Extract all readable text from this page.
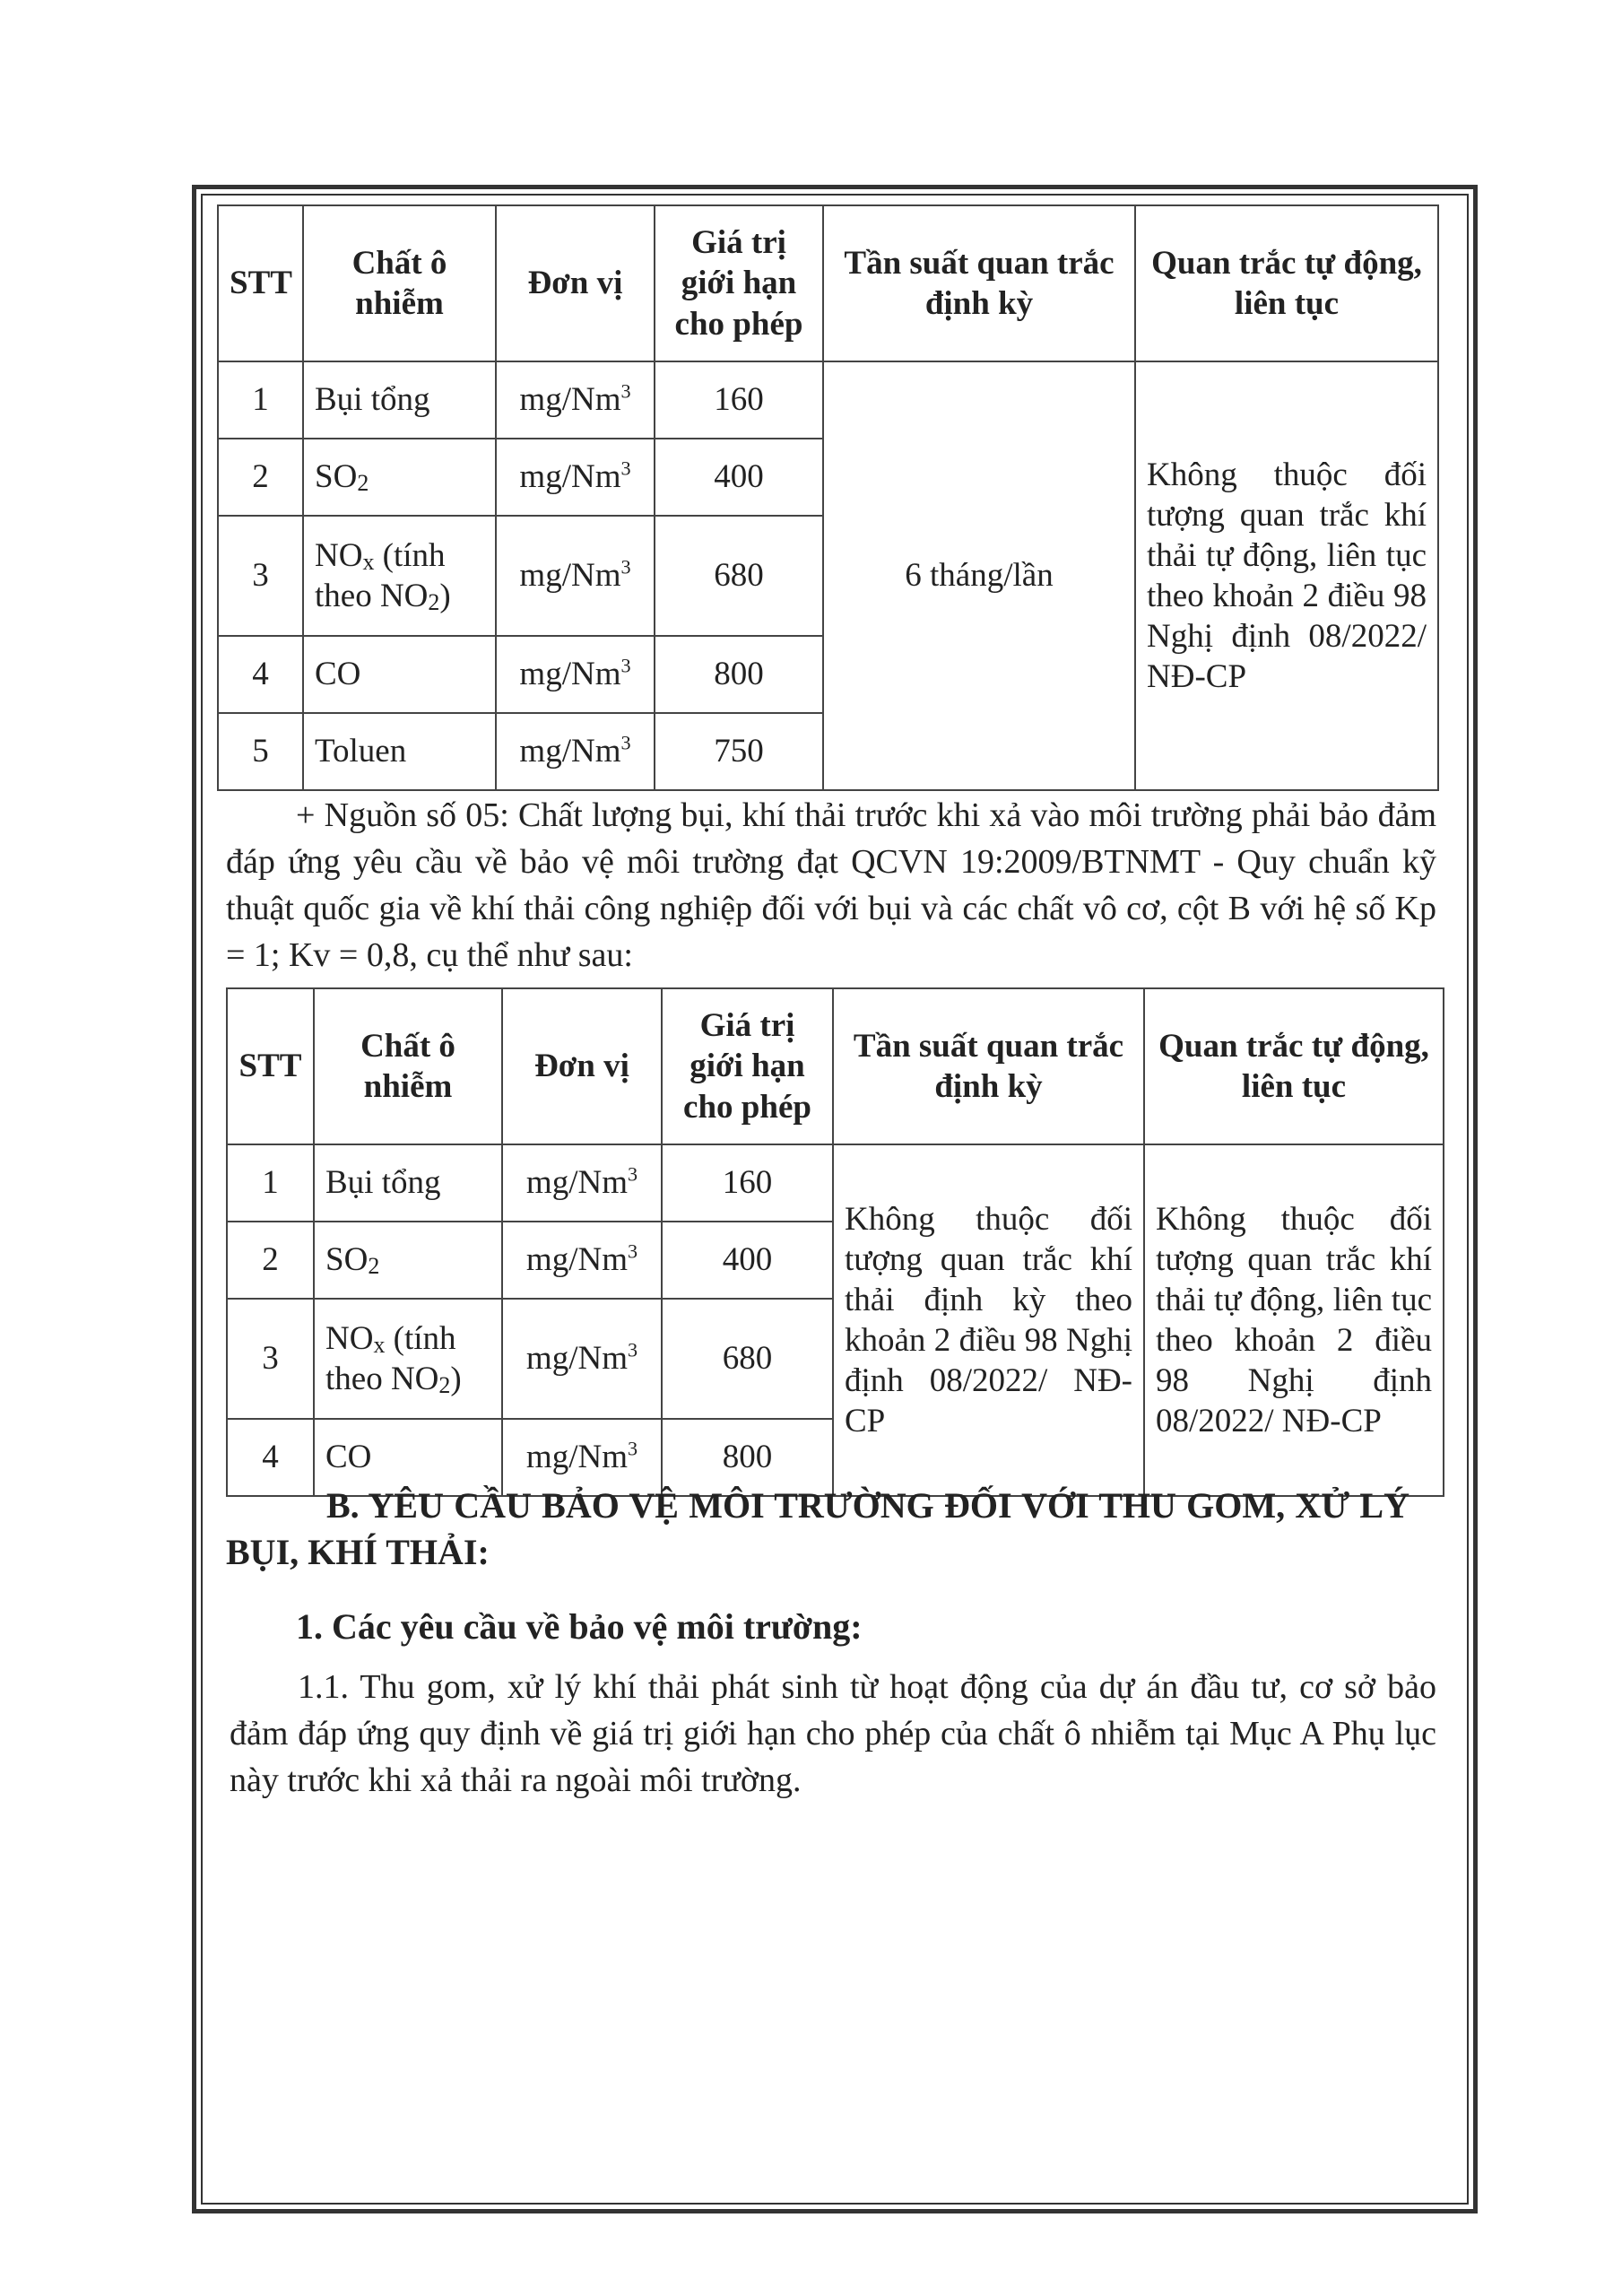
STT	Chất ô nhiễm	Đơn vị	Giá trị giới hạn cho phép	Tần suất quan trắc định kỳ	Quan trắc tự động, liên tục
1	Bụi tổng	mg/Nm$^3$	160	6 tháng/lần	Không thuộc đối tượng quan trắc khí thải tự động, liên tục theo khoản 2 điều 98 Nghị định 08/2022/ NĐ-CP
2	$SO_2$	mg/Nm$^3$	400		
3	$NO_x$ (tính theo $NO_2$)	mg/Nm$^3$	680		
4	CO	mg/Nm$^3$	800		
5	Toluen	mg/Nm$^3$	750		

+ Nguồn số 05: Chất lượng bụi, khí thải trước khi xả vào môi trường phải bảo đảm đáp ứng yêu cầu về bảo vệ môi trường đạt QCVN 19:2009/BTNMT - Quy chuẩn kỹ thuật quốc gia về khí thải công nghiệp đối với bụi và các chất vô cơ, cột B với hệ số Kp = 1; Kv = 0,8, cụ thể như sau:

STT	Chất ô nhiễm	Đơn vị	Giá trị giới hạn cho phép	Tần suất quan trắc định kỳ	Quan trắc tự động, liên tục
1	Bụi tổng	mg/Nm$^3$	160	Không thuộc đối tượng quan trắc khí thải định kỳ theo khoản 2 điều 98 Nghị định 08/2022/ NĐ-CP	Không thuộc đối tượng quan trắc khí thải tự động, liên tục theo khoản 2 điều 98 Nghị định 08/2022/ NĐ-CP
2	$SO_2$	mg/Nm$^3$	400		
3	$NO_x$ (tính theo $NO_2$)	mg/Nm$^3$	680		
4	CO	mg/Nm$^3$	800		

B. YÊU CẦU BẢO VỆ MÔI TRƯỜNG ĐỐI VỚI THU GOM, XỬ LÝ BỤI, KHÍ THẢI:

1. Các yêu cầu về bảo vệ môi trường:

1.1. Thu gom, xử lý khí thải phát sinh từ hoạt động của dự án đầu tư, cơ sở bảo đảm đáp ứng quy định về giá trị giới hạn cho phép của chất ô nhiễm tại Mục A Phụ lục này trước khi xả thải ra ngoài môi trường.
